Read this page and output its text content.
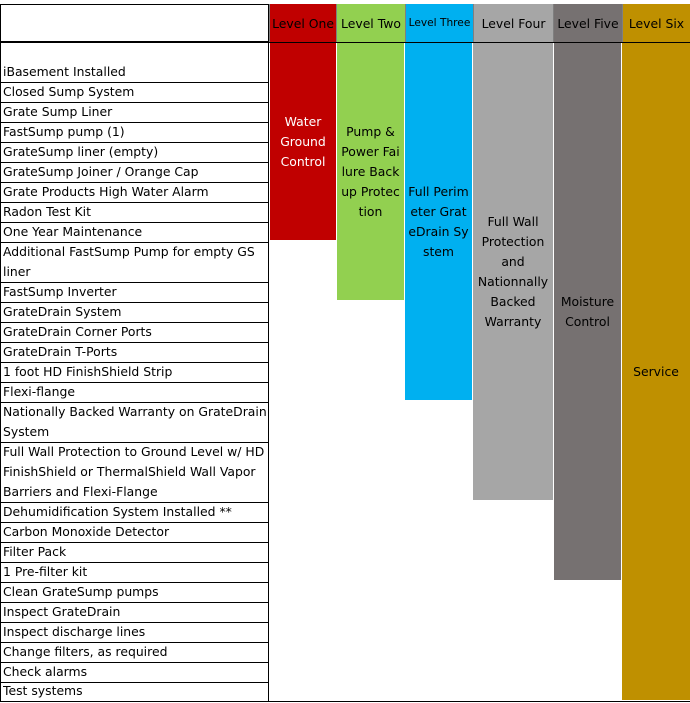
Level One Level Two Level Three Level Four Level Five Level Six
Water Ground Control
Pump & Power Failure Backup Protection
Full Perimeter GrateDrain System
Full Wall Protection and Nationnally Backed Warranty
Moisture Control
Service
iBasement Installed
Closed Sump System
Grate Sump Liner
FastSump pump (1)
GrateSump liner (empty)
GrateSump Joiner / Orange Cap
Grate Products High Water Alarm
Radon Test Kit
One Year Maintenance
Additional FastSump Pump for empty GS liner
FastSump Inverter
GrateDrain System
GrateDrain Corner Ports
GrateDrain T-Ports
1 foot HD FinishShield Strip
Flexi-flange
Nationally Backed Warranty on GrateDrain System
Full Wall Protection to Ground Level w/ HD FinishShield or ThermalShield Wall Vapor Barriers and Flexi-Flange
Dehumidification System Installed **
Carbon Monoxide Detector
Filter Pack
1 Pre-filter kit
Clean GrateSump pumps
Inspect GrateDrain
Inspect discharge lines
Change filters, as required
Check alarms
Test systems
